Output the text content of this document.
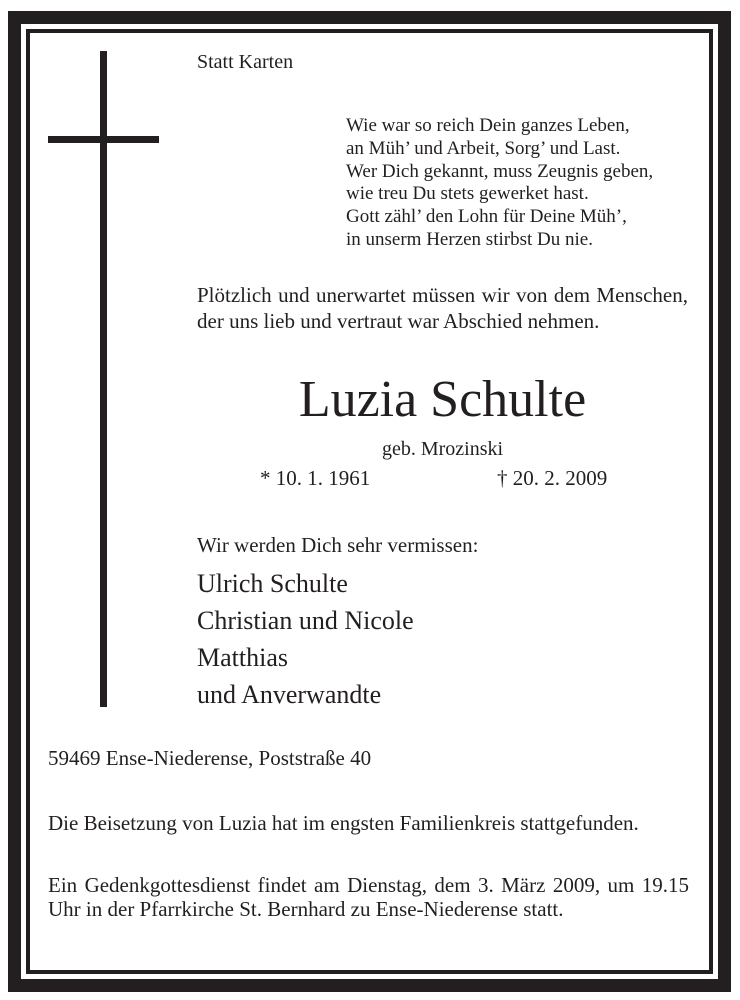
Statt Karten

Wie war so reich Dein ganzes Leben,
an Müh’ und Arbeit, Sorg’ und Last.
Wer Dich gekannt, muss Zeugnis geben,
wie treu Du stets gewerket hast.
Gott zähl’ den Lohn für Deine Müh’,
in unserm Herzen stirbst Du nie.

Plötzlich und unerwartet müssen wir von dem Menschen, der uns lieb und vertraut war Abschied nehmen.

Luzia Schulte

geb. Mrozinski

* 10. 1. 1961	† 20. 2. 2009

Wir werden Dich sehr vermissen:

Ulrich Schulte
Christian und Nicole
Matthias
und Anverwandte

59469 Ense-Niederense, Poststraße 40

Die Beisetzung von Luzia hat im engsten Familienkreis stattgefunden.

Ein Gedenkgottesdienst findet am Dienstag, dem 3. März 2009, um 19.15 Uhr in der Pfarrkirche St. Bernhard zu Ense-Niederense statt.
